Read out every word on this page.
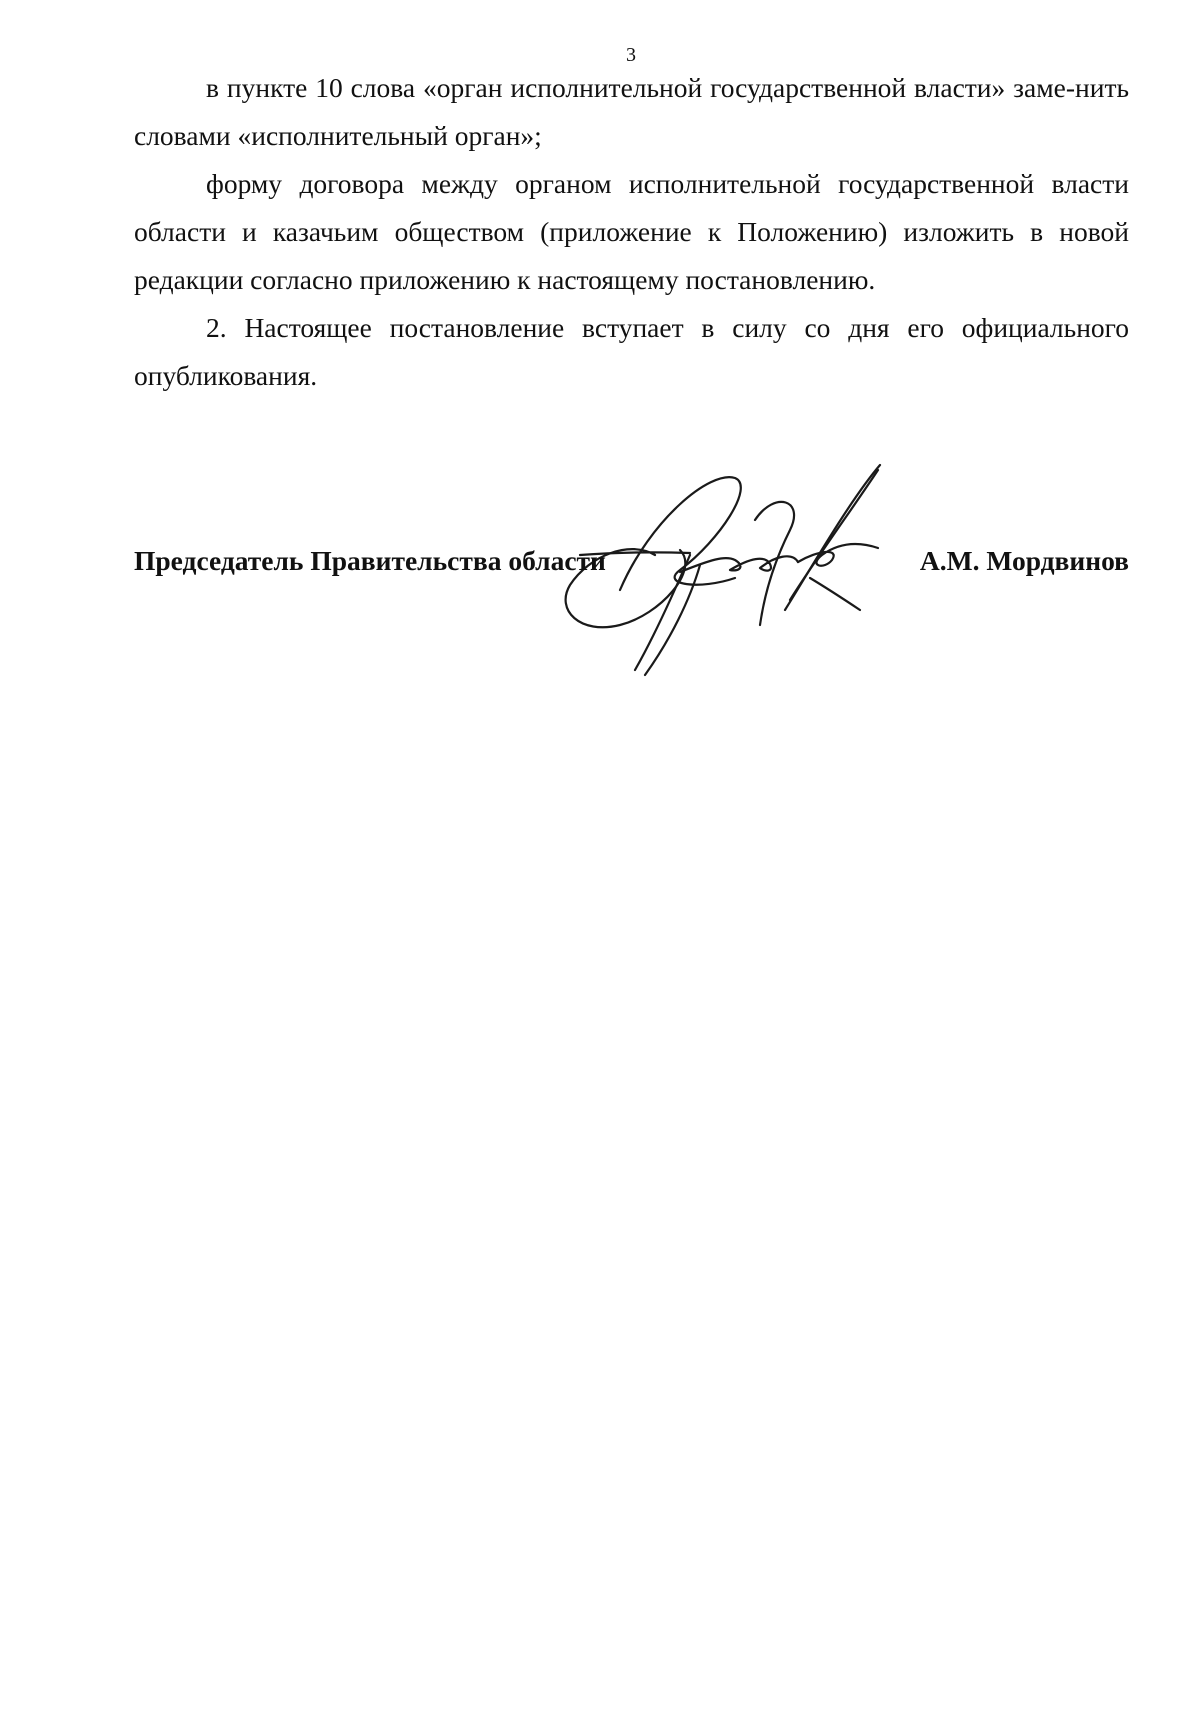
3

в пункте 10 слова «орган исполнительной государственной власти» заме-нить словами «исполнительный орган»;

форму договора между органом исполнительной государственной власти области и казачьим обществом (приложение к Положению) изложить в новой редакции согласно приложению к настоящему постановлению.

2. Настоящее постановление вступает в силу со дня его официального опубликования.

Председатель Правительства области	А.М. Мордвинов
